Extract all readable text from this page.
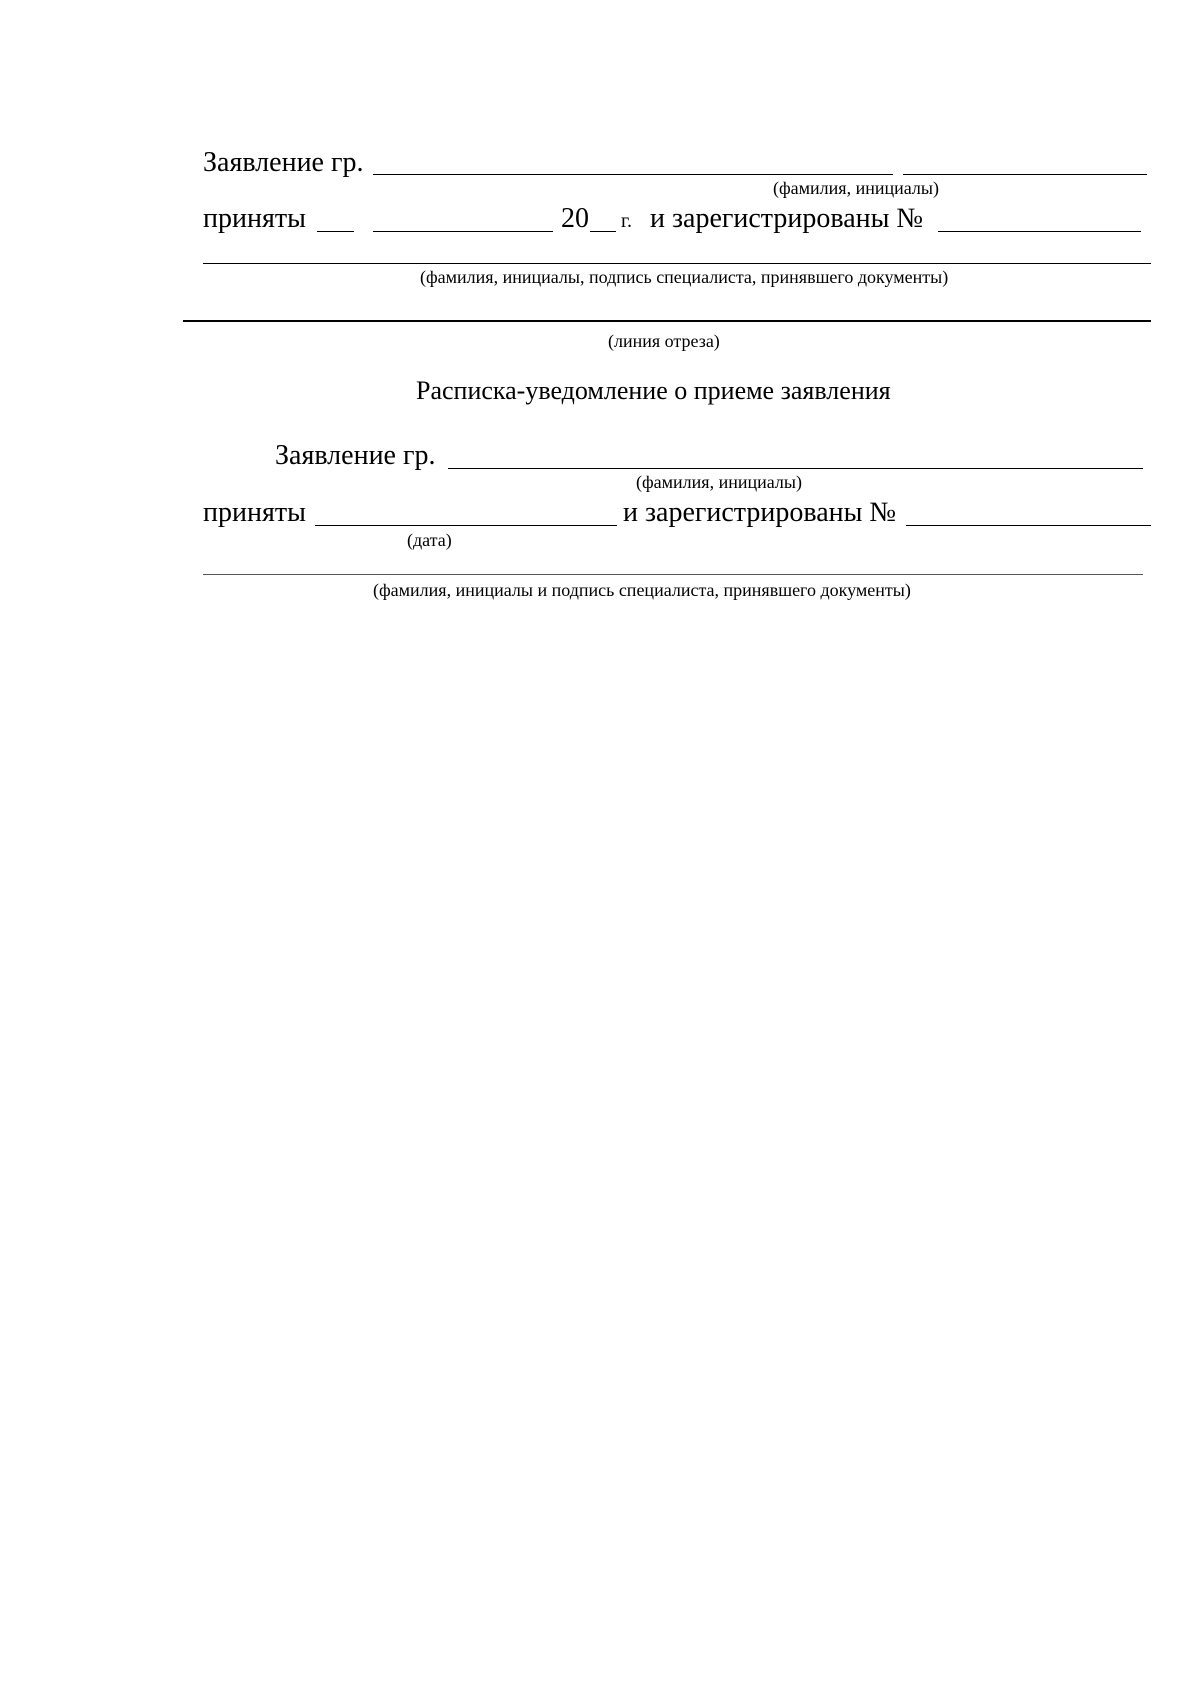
Заявление гр.
(фамилия, инициалы)
приняты	20 г. и зарегистрированы №
(фамилия, инициалы, подпись специалиста, принявшего документы)
(линия отреза)
Расписка-уведомление о приеме заявления
Заявление гр.
(фамилия, инициалы)
приняты	и зарегистрированы №
(дата)
(фамилия, инициалы и подпись специалиста, принявшего документы)
